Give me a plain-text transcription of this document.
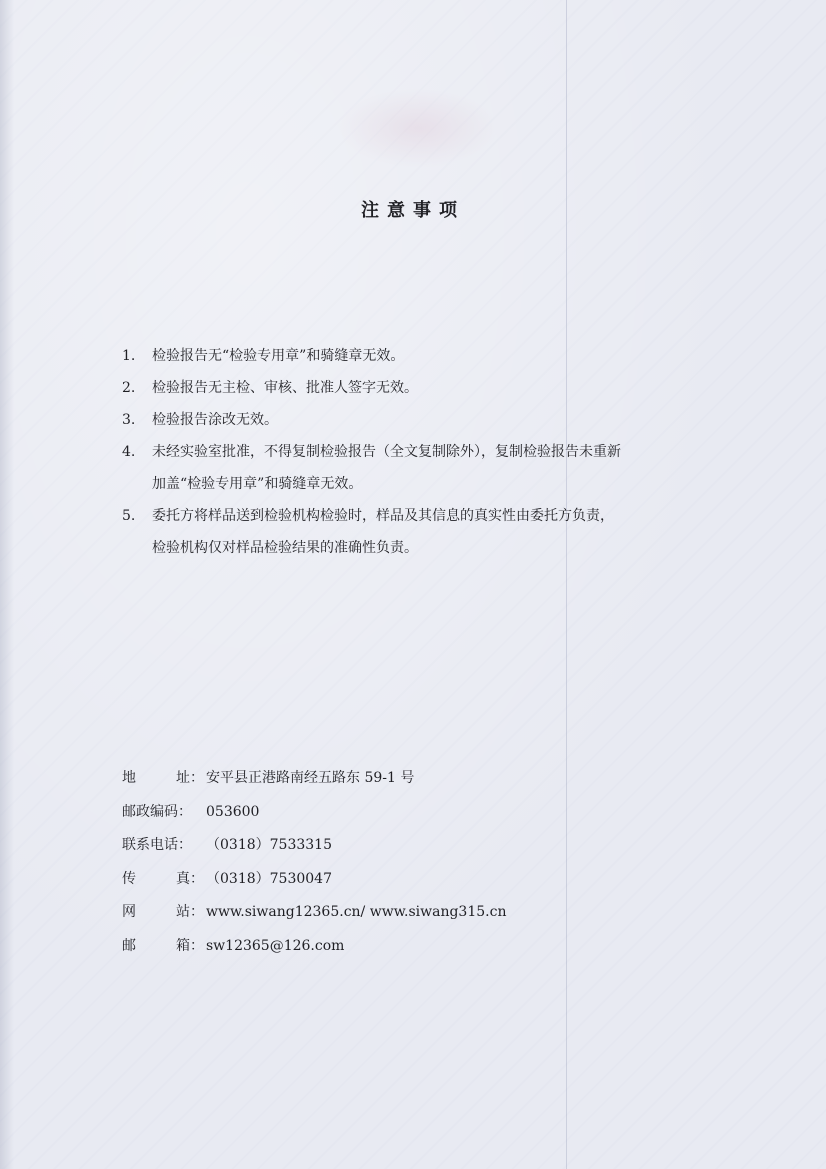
注意事项
1.	检验报告无“检验专用章”和骑缝章无效。
2.	检验报告无主检、审核、批准人签字无效。
3.	检验报告涂改无效。
4.	未经实验室批准，不得复制检验报告（全文复制除外），复制检验报告未重新
加盖“检验专用章”和骑缝章无效。
5.	委托方将样品送到检验机构检验时，样品及其信息的真实性由委托方负责，
检验机构仅对样品检验结果的准确性负责。
地	址： 安平县正港路南经五路东 59-1 号
邮政编码：	053600
联系电话：	（0318）7533315
传	真： （0318）7530047
网	站： www.siwang12365.cn/ www.siwang315.cn
邮	箱： sw12365@126.com
